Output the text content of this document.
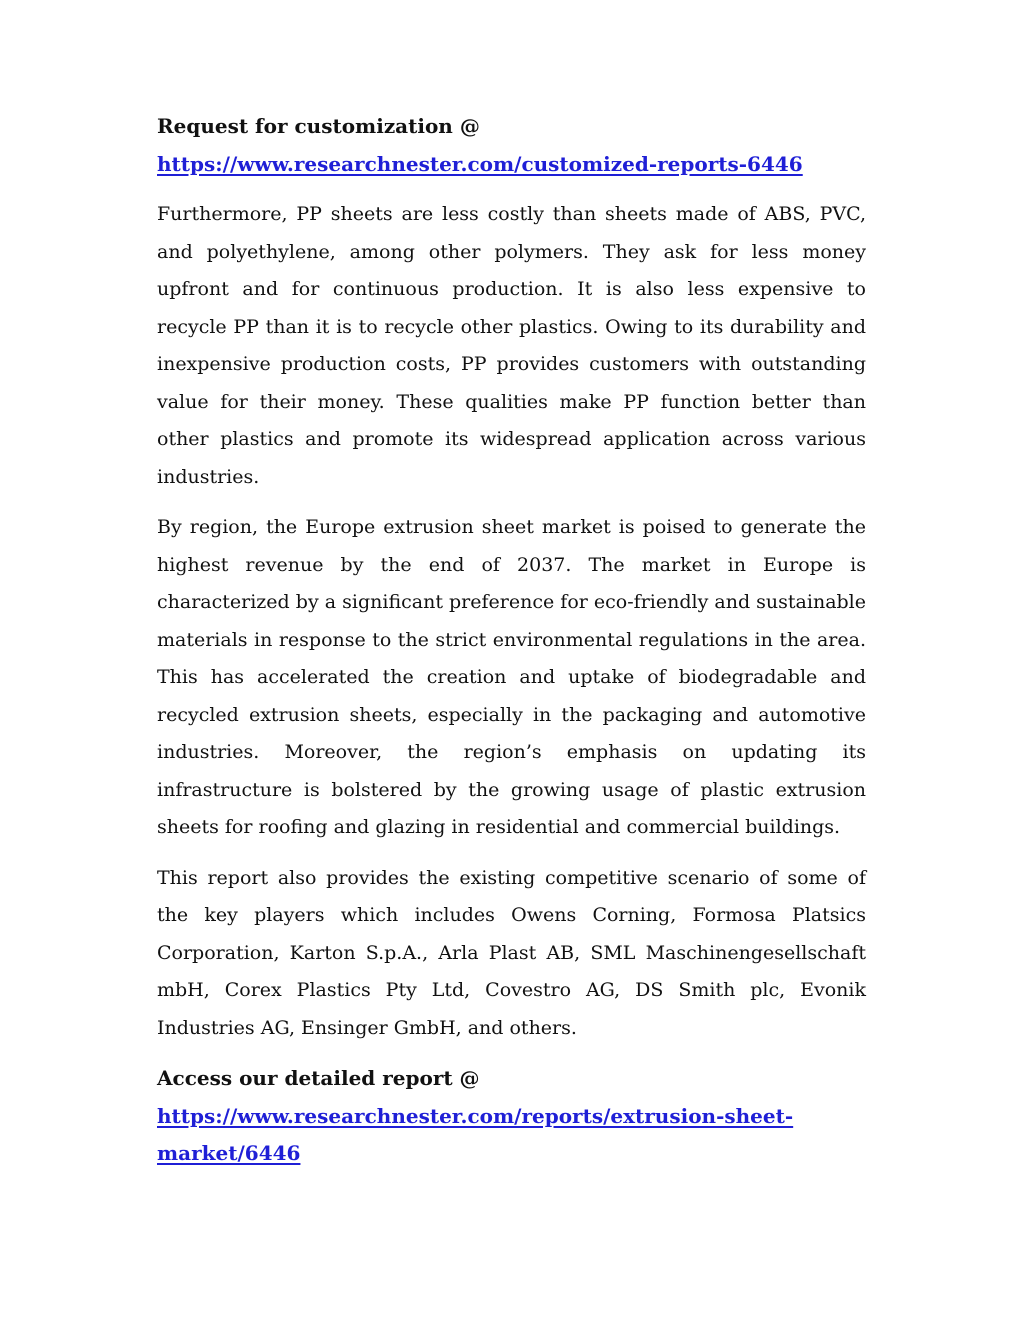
Request for customization @

https://www.researchnester.com/customized-reports-6446

Furthermore, PP sheets are less costly than sheets made of ABS, PVC, and polyethylene, among other polymers. They ask for less money upfront and for continuous production. It is also less expensive to recycle PP than it is to recycle other plastics. Owing to its durability and inexpensive production costs, PP provides customers with outstanding value for their money. These qualities make PP function better than other plastics and promote its widespread application across various industries.

By region, the Europe extrusion sheet market is poised to generate the highest revenue by the end of 2037. The market in Europe is characterized by a significant preference for eco-friendly and sustainable materials in response to the strict environmental regulations in the area. This has accelerated the creation and uptake of biodegradable and recycled extrusion sheets, especially in the packaging and automotive industries. Moreover, the region’s emphasis on updating its infrastructure is bolstered by the growing usage of plastic extrusion sheets for roofing and glazing in residential and commercial buildings.

This report also provides the existing competitive scenario of some of the key players which includes Owens Corning, Formosa Platsics Corporation, Karton S.p.A., Arla Plast AB, SML Maschinengesellschaft mbH, Corex Plastics Pty Ltd, Covestro AG, DS Smith plc, Evonik Industries AG, Ensinger GmbH, and others.

Access our detailed report @

https://www.researchnester.com/reports/extrusion-sheet-
market/6446
